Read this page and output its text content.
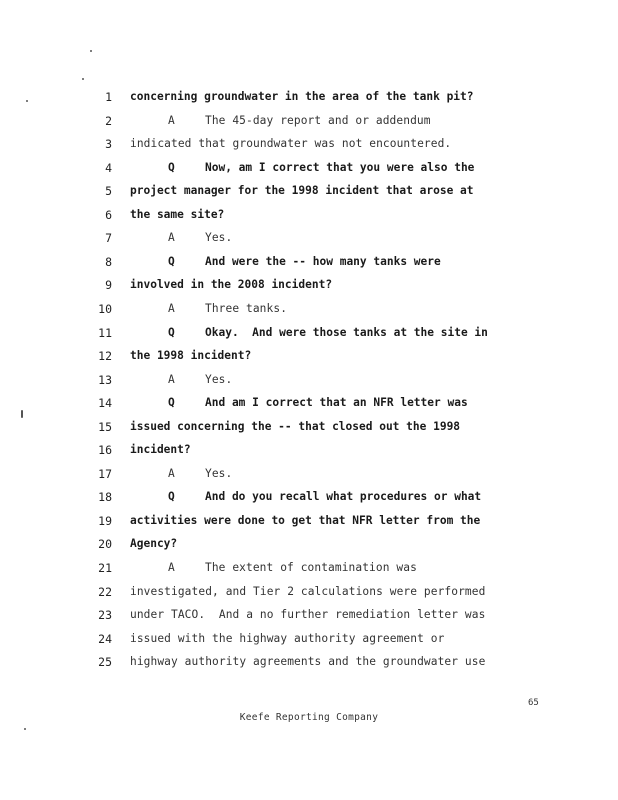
1 concerning groundwater in the area of the tank pit?
2	A	The 45-day report and or addendum
3 indicated that groundwater was not encountered.
4	Q	Now, am I correct that you were also the
5 project manager for the 1998 incident that arose at
6 the same site?
7	A	Yes.
8	Q	And were the -- how many tanks were
9 involved in the 2008 incident?
10	A	Three tanks.
11	Q	Okay.  And were those tanks at the site in
12 the 1998 incident?
13	A	Yes.
14	Q	And am I correct that an NFR letter was
15 issued concerning the -- that closed out the 1998
16 incident?
17	A	Yes.
18	Q	And do you recall what procedures or what
19 activities were done to get that NFR letter from the
20 Agency?
21	A	The extent of contamination was
22 investigated, and Tier 2 calculations were performed
23 under TACO.  And a no further remediation letter was
24 issued with the highway authority agreement or
25 highway authority agreements and the groundwater use
65
Keefe Reporting Company
